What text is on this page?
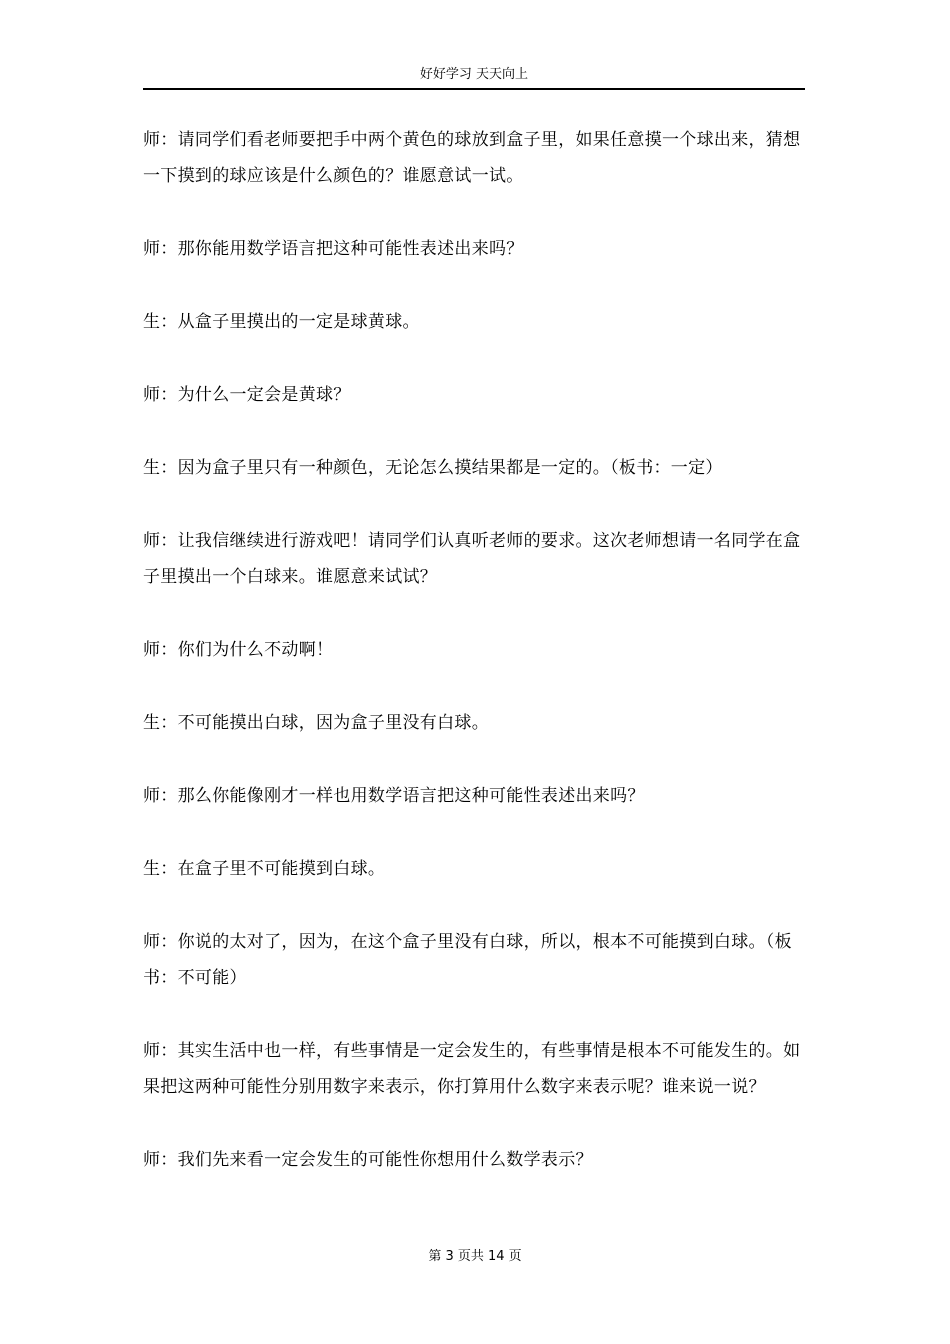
好好学习 天天向上

师：请同学们看老师要把手中两个黄色的球放到盒子里，如果任意摸一个球出来，猜想一下摸到的球应该是什么颜色的？谁愿意试一试。

师：那你能用数学语言把这种可能性表述出来吗？

生：从盒子里摸出的一定是球黄球。

师：为什么一定会是黄球？

生：因为盒子里只有一种颜色，无论怎么摸结果都是一定的。（板书：一定）

师：让我信继续进行游戏吧！请同学们认真听老师的要求。这次老师想请一名同学在盒子里摸出一个白球来。谁愿意来试试？

师：你们为什么不动啊！

生：不可能摸出白球，因为盒子里没有白球。

师：那么你能像刚才一样也用数学语言把这种可能性表述出来吗？

生：在盒子里不可能摸到白球。

师：你说的太对了，因为，在这个盒子里没有白球，所以，根本不可能摸到白球。（板书：不可能）

师：其实生活中也一样，有些事情是一定会发生的，有些事情是根本不可能发生的。如果把这两种可能性分别用数字来表示，你打算用什么数字来表示呢？谁来说一说？

师：我们先来看一定会发生的可能性你想用什么数学表示？

第 3 页共 14 页
